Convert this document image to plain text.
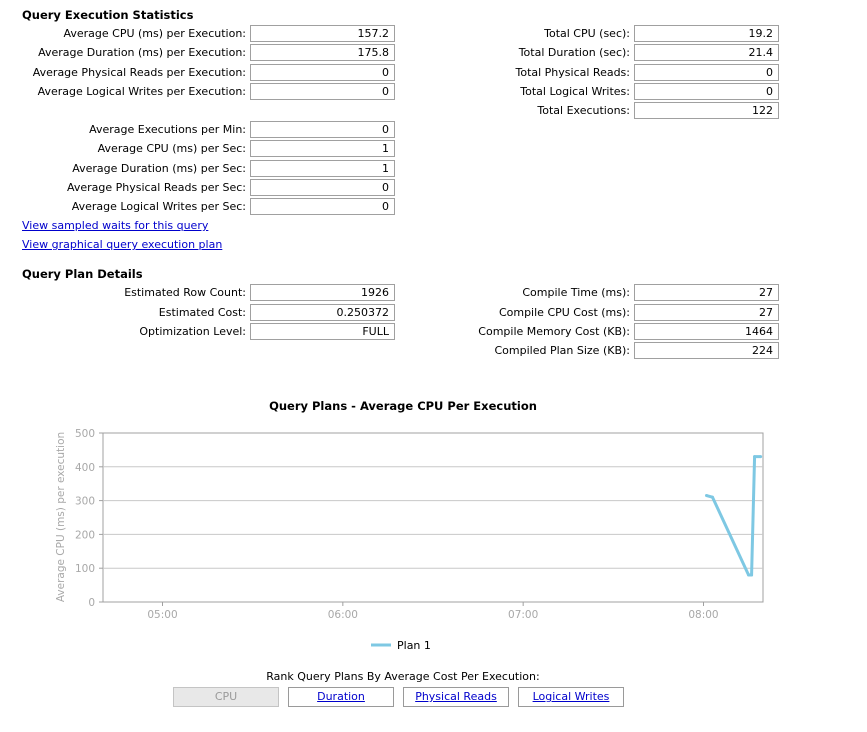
Query Execution Statistics
Average CPU (ms) per Execution:	157.2
Average Duration (ms) per Execution:	175.8
Average Physical Reads per Execution:	0
Average Logical Writes per Execution:	0
Total CPU (sec):	19.2
Total Duration (sec):	21.4
Total Physical Reads:	0
Total Logical Writes:	0
Total Executions:	122
Average Executions per Min:	0
Average CPU (ms) per Sec:	1
Average Duration (ms) per Sec:	1
Average Physical Reads per Sec:	0
Average Logical Writes per Sec:	0
View sampled waits for this query
View graphical query execution plan
Query Plan Details
Estimated Row Count:	1926
Estimated Cost:	0.250372
Optimization Level:	FULL
Compile Time (ms):	27
Compile CPU Cost (ms):	27
Compile Memory Cost (KB):	1464
Compiled Plan Size (KB):	224
Query Plans - Average CPU Per Execution
0
100
200
300
400
500
05:00	06:00	07:00	08:00
Average CPU (ms) per execution
Plan 1
Rank Query Plans By Average Cost Per Execution:
CPU	Duration	Physical Reads	Logical Writes
